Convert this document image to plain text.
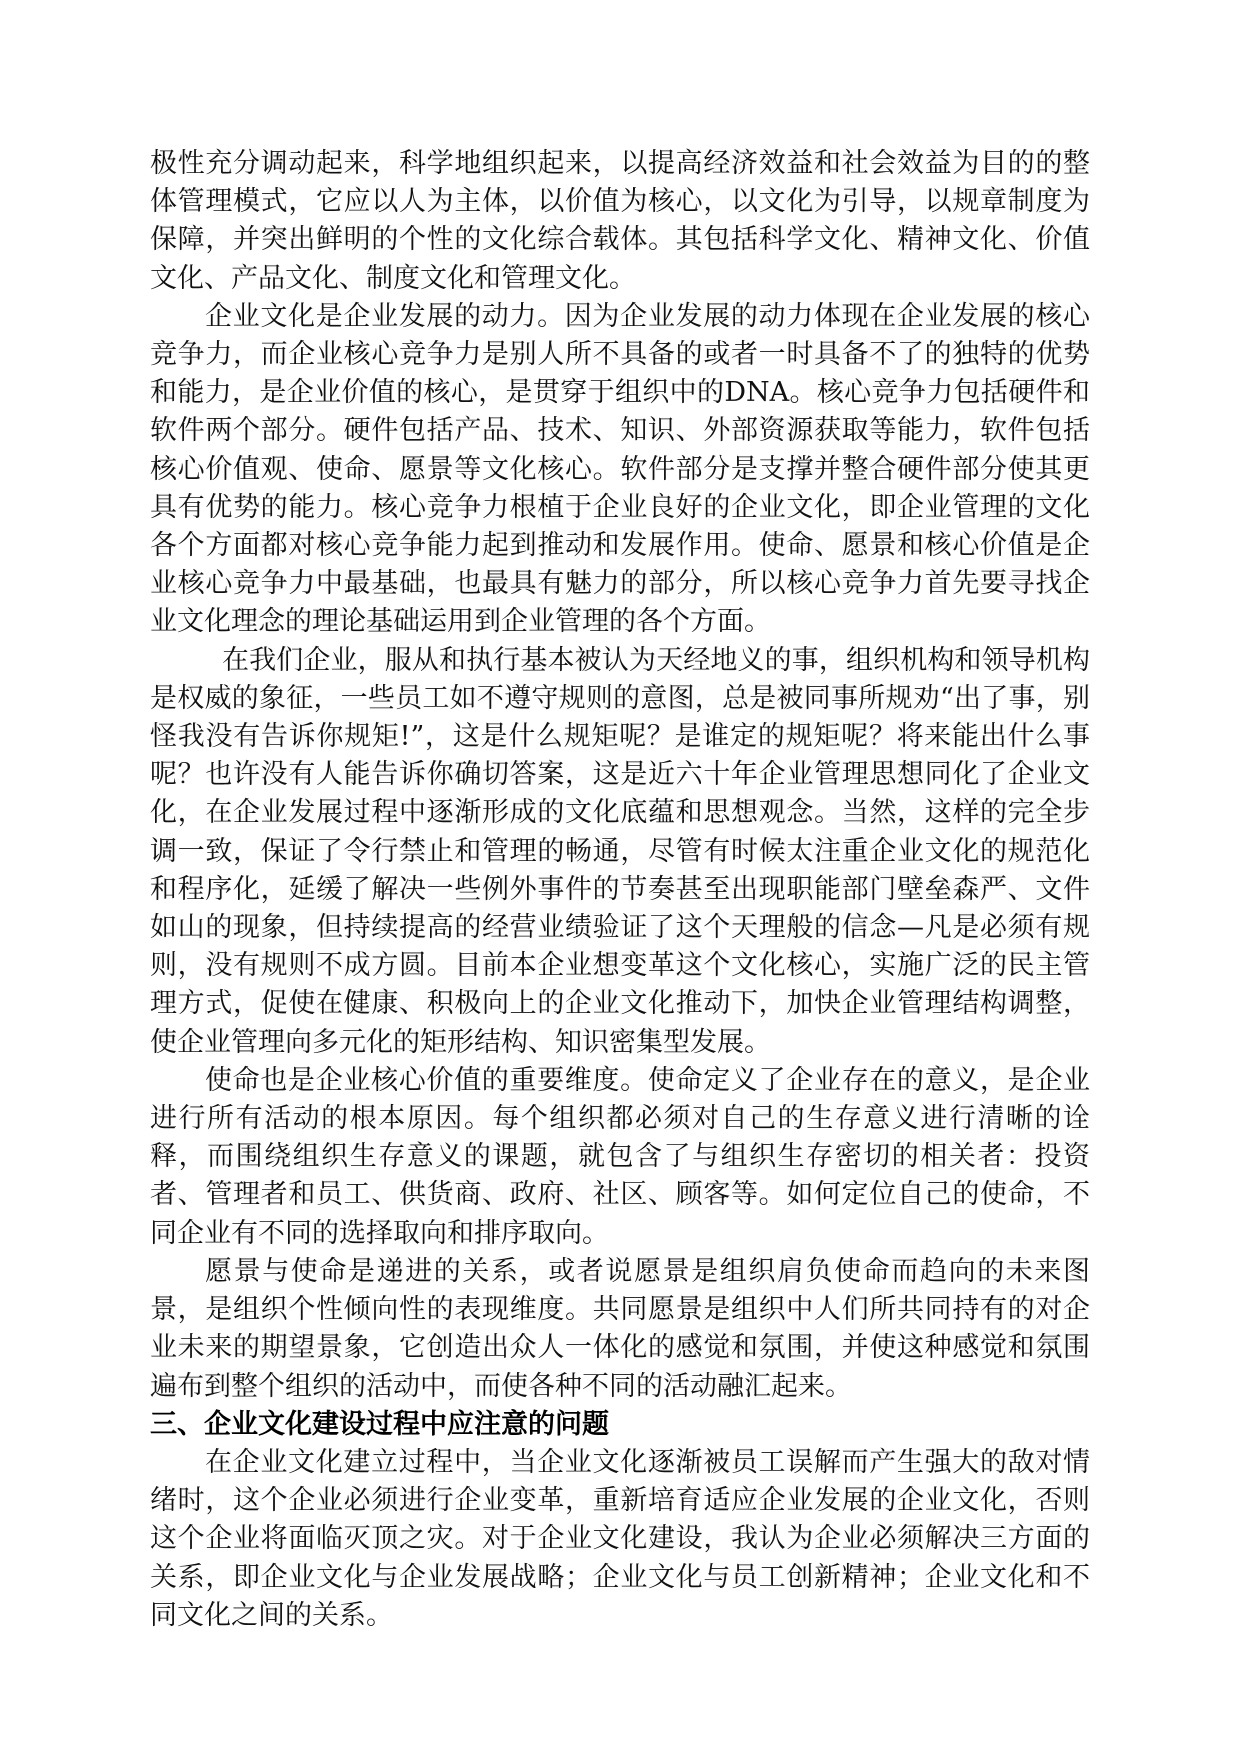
极性充分调动起来，科学地组织起来，以提高经济效益和社会效益为目的的整体管理模式，它应以人为主体，以价值为核心，以文化为引导，以规章制度为保障，并突出鲜明的个性的文化综合载体。其包括科学文化、精神文化、价值文化、产品文化、制度文化和管理文化。

企业文化是企业发展的动力。因为企业发展的动力体现在企业发展的核心竞争力，而企业核心竞争力是别人所不具备的或者一时具备不了的独特的优势和能力，是企业价值的核心，是贯穿于组织中的DNA。核心竞争力包括硬件和软件两个部分。硬件包括产品、技术、知识、外部资源获取等能力，软件包括核心价值观、使命、愿景等文化核心。软件部分是支撑并整合硬件部分使其更具有优势的能力。核心竞争力根植于企业良好的企业文化，即企业管理的文化各个方面都对核心竞争能力起到推动和发展作用。使命、愿景和核心价值是企业核心竞争力中最基础，也最具有魅力的部分，所以核心竞争力首先要寻找企业文化理念的理论基础运用到企业管理的各个方面。

在我们企业，服从和执行基本被认为天经地义的事，组织机构和领导机构是权威的象征，一些员工如不遵守规则的意图，总是被同事所规劝“出了事，别怪我没有告诉你规矩!”，这是什么规矩呢？是谁定的规矩呢？将来能出什么事呢？也许没有人能告诉你确切答案，这是近六十年企业管理思想同化了企业文化，在企业发展过程中逐渐形成的文化底蕴和思想观念。当然，这样的完全步调一致，保证了令行禁止和管理的畅通，尽管有时候太注重企业文化的规范化和程序化，延缓了解决一些例外事件的节奏甚至出现职能部门壁垒森严、文件如山的现象，但持续提高的经营业绩验证了这个天理般的信念—凡是必须有规则，没有规则不成方圆。目前本企业想变革这个文化核心，实施广泛的民主管理方式，促使在健康、积极向上的企业文化推动下，加快企业管理结构调整，使企业管理向多元化的矩形结构、知识密集型发展。

使命也是企业核心价值的重要维度。使命定义了企业存在的意义，是企业进行所有活动的根本原因。每个组织都必须对自己的生存意义进行清晰的诠释，而围绕组织生存意义的课题，就包含了与组织生存密切的相关者：投资者、管理者和员工、供货商、政府、社区、顾客等。如何定位自己的使命，不同企业有不同的选择取向和排序取向。

愿景与使命是递进的关系，或者说愿景是组织肩负使命而趋向的未来图景，是组织个性倾向性的表现维度。共同愿景是组织中人们所共同持有的对企业未来的期望景象，它创造出众人一体化的感觉和氛围，并使这种感觉和氛围遍布到整个组织的活动中，而使各种不同的活动融汇起来。

三、企业文化建设过程中应注意的问题

在企业文化建立过程中，当企业文化逐渐被员工误解而产生强大的敌对情绪时，这个企业必须进行企业变革，重新培育适应企业发展的企业文化，否则这个企业将面临灭顶之灾。对于企业文化建设，我认为企业必须解决三方面的关系，即企业文化与企业发展战略；企业文化与员工创新精神；企业文化和不同文化之间的关系。
